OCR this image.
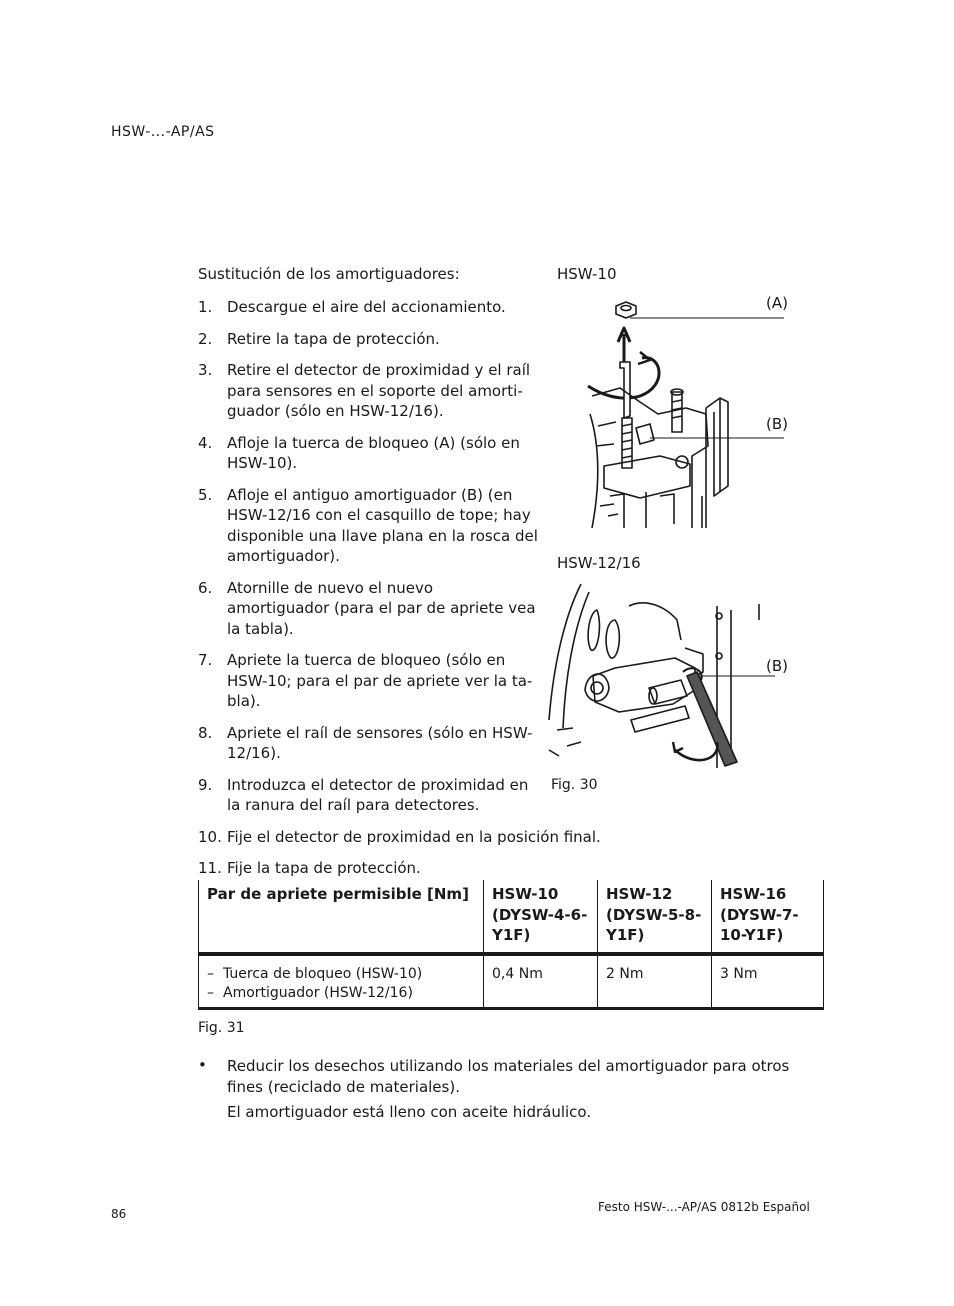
HSW-...-AP/AS
Sustitución de los amortiguadores:
1. Descargue el aire del accionamiento.
2. Retire la tapa de protección.
3. Retire el detector de proximidad y el raíl para sensores en el soporte del amorti-guador (sólo en HSW-12/16).
4. Afloje la tuerca de bloqueo (A) (sólo en HSW-10).
5. Afloje el antiguo amortiguador (B) (en HSW-12/16 con el casquillo de tope; hay disponible una llave plana en la rosca del amortiguador).
6. Atornille de nuevo el nuevo amortiguador (para el par de apriete vea la tabla).
7. Apriete la tuerca de bloqueo (sólo en HSW-10; para el par de apriete ver la ta-bla).
8. Apriete el raíl de sensores (sólo en HSW-12/16).
9. Introduzca el detector de proximidad en la ranura del raíl para detectores.
10. Fije el detector de proximidad en la posición final.
11. Fije la tapa de protección.
HSW-10
(A)
(B)
HSW-12/16
(B)
Fig. 30
Par de apriete permisible [Nm]	HSW-10 (DYSW-4-6-Y1F)	HSW-12 (DYSW-5-8-Y1F)	HSW-16 (DYSW-7-10-Y1F)

– Tuerca de bloqueo (HSW-10)
– Amortiguador (HSW-12/16)	0,4 Nm	2 Nm	3 Nm
Fig. 31
• Reducir los desechos utilizando los materiales del amortiguador para otros fines (reciclado de materiales).
El amortiguador está lleno con aceite hidráulico.
86	Festo HSW-...-AP/AS 0812b Español
